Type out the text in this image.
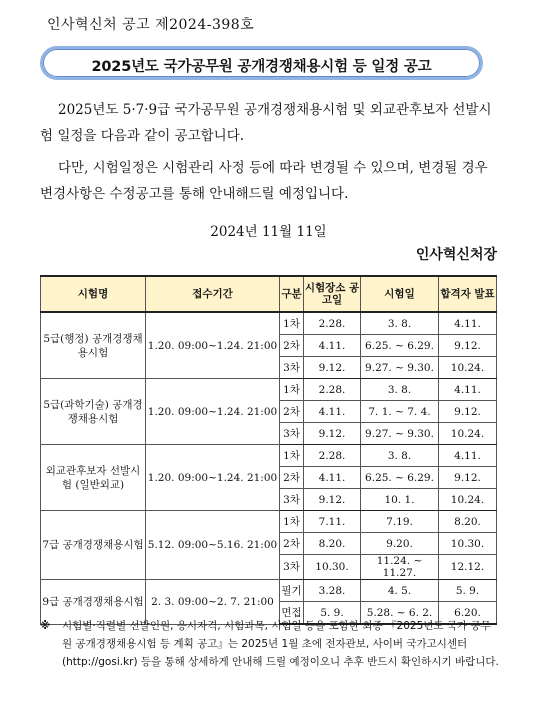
인사혁신처 공고 제2024-398호
2025년도 국가공무원 공개경쟁채용시험 등 일정 공고
2025년도 5·7·9급 국가공무원 공개경쟁채용시험 및 외교관후보자 선발시험 일정을 다음과 같이 공고합니다.
다만, 시험일정은 시험관리 사정 등에 따라 변경될 수 있으며, 변경될 경우 변경사항은 수정공고를 통해 안내해드릴 예정입니다.
2024년 11월 11일
인사혁신처장
시험명	접수기간	구분	시험장소 공고일	시험일	합격자 발표
5급(행정) 공개경쟁채용시험	1.20. 09:00∼1.24. 21:00	1차	2.28.	3. 8.	4.11.
		2차	4.11.	6.25. ∼ 6.29.	9.12.
		3차	9.12.	9.27. ∼ 9.30.	10.24.
5급(과학기술) 공개경쟁채용시험	1.20. 09:00∼1.24. 21:00	1차	2.28.	3. 8.	4.11.
		2차	4.11.	7. 1. ∼ 7. 4.	9.12.
		3차	9.12.	9.27. ∼ 9.30.	10.24.
외교관후보자 선발시험 (일반외교)	1.20. 09:00∼1.24. 21:00	1차	2.28.	3. 8.	4.11.
		2차	4.11.	6.25. ∼ 6.29.	9.12.
		3차	9.12.	10. 1.	10.24.
7급 공개경쟁채용시험	5.12. 09:00∼5.16. 21:00	1차	7.11.	7.19.	8.20.
		2차	8.20.	9.20.	10.30.
		3차	10.30.	11.24. ∼ 11.27.	12.12.
9급 공개경쟁채용시험	2. 3. 09:00∼2. 7. 21:00	필기	3.28.	4. 5.	5. 9.
		면접	5. 9.	5.28. ∼ 6. 2.	6.20.
※ 시험별·직렬별 선발인원, 응시자격, 시험과목, 시험일 등을 포함한 최종 『2025년도 국가 공무원 공개경쟁채용시험 등 계획 공고』는 2025년 1월 초에 전자관보, 사이버 국가고시센터(http://gosi.kr) 등을 통해 상세하게 안내해 드릴 예정이오니 추후 반드시 확인하시기 바랍니다.
